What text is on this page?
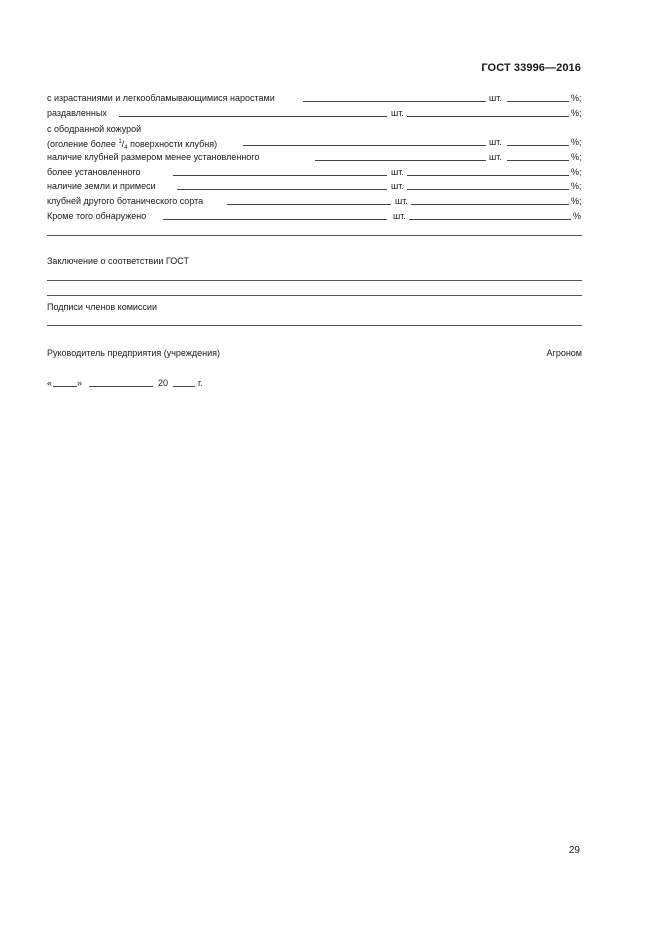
ГОСТ 33996—2016
с израстаниями и легкообламывающимися наростами	шт.	%;
раздавленных	шт.	%;
с ободранной кожурой
(оголение более $^1/_4$ поверхности клубня)	шт.	%;
наличие клубней размером менее установленного	шт.	%;
более установленного	шт.	%;
наличие земли и примеси	шт.	%;
клубней другого ботанического сорта	шт.	%;
Кроме того обнаружено	шт.	%
Заключение о соответствии ГОСТ
Подписи членов комиссии
Руководитель предприятия (учреждения)	Агроном
«	»	20	г.
29
